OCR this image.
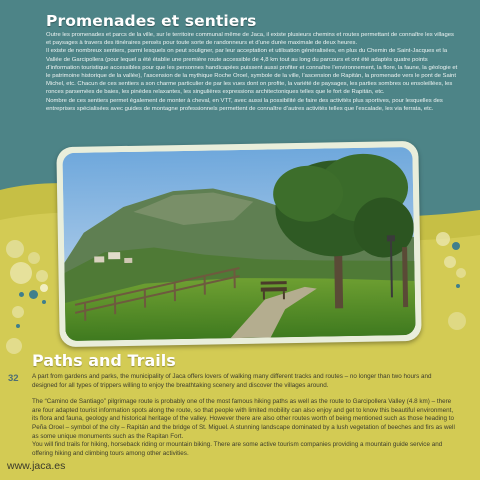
Promenades et sentiers

Outre les promenades et parcs de la ville, sur le territoire communal même de Jaca, il existe plusieurs chemins et routes permettant de connaître les villages et paysages à travers des itinéraires pensés pour toute sorte de randonneurs et d’une durée maximale de deux heures.

Il existe de nombreux sentiers, parmi lesquels on peut souligner, par leur acceptation et utilisation généralisées, en plus du Chemin de Saint-Jacques et la Vallée de Garcipollera (pour lequel a été établie une première route accessible de 4,8 km tout au long du parcours et ont été adaptés quatre points d’information touristique accessibles pour que les personnes handicapées puissent aussi profiter et connaître l’environnement, la flore, la faune, la géologie et le patrimoine historique de la vallée), l’ascension de la mythique Roche Oroel, symbole de la ville, l’ascension de Rapitán, la promenade vers le pont de Saint Michel, etc. Chacun de ces sentiers a son charme particulier de par les vues dont on profite, la variété de paysages, les parties sombres ou ensoleillées, les ronces parsemées de baies, les pinèdes relaxantes, les singulières expressions architectoniques telles que le fort de Rapitán, etc.

Nombre de ces sentiers permet également de monter à cheval, en VTT, avec aussi la possibilité de faire des activités plus sportives, pour lesquelles des entreprises spécialisées avec guides de montagne professionnels permettent de connaître d’autres activités telles que l’escalade, les via ferrata, etc.

Paths and Trails
32 A part from gardens and parks, the municipality of Jaca offers lovers of walking many different tracks and routes – no longer than two hours and designed for all types of trippers willing to enjoy the breathtaking scenery and discover the villages around.

The “Camino de Santiago” pilgrimage route is probably one of the most famous hiking paths as well as the route to Garcipollera Valley (4.8 km) – there are four adapted tourist information spots along the route, so that people with limited mobility can also enjoy and get to know this beautiful environment, its flora and fauna, geology and historical heritage of the valley. However there are also other routes worth of being mentioned such as those heading to Peña Oroel – symbol of the city – Rapitán and the bridge of St. Miguel. A stunning landscape dominated by a lush vegetation of beeches and firs as well as some unique monuments such as the Rapitan Fort.

You will find trails for hiking, horseback riding or mountain biking. There are some active tourism companies providing a mountain guide service and offering hiking and climbing tours among other activities.

www.jaca.es
